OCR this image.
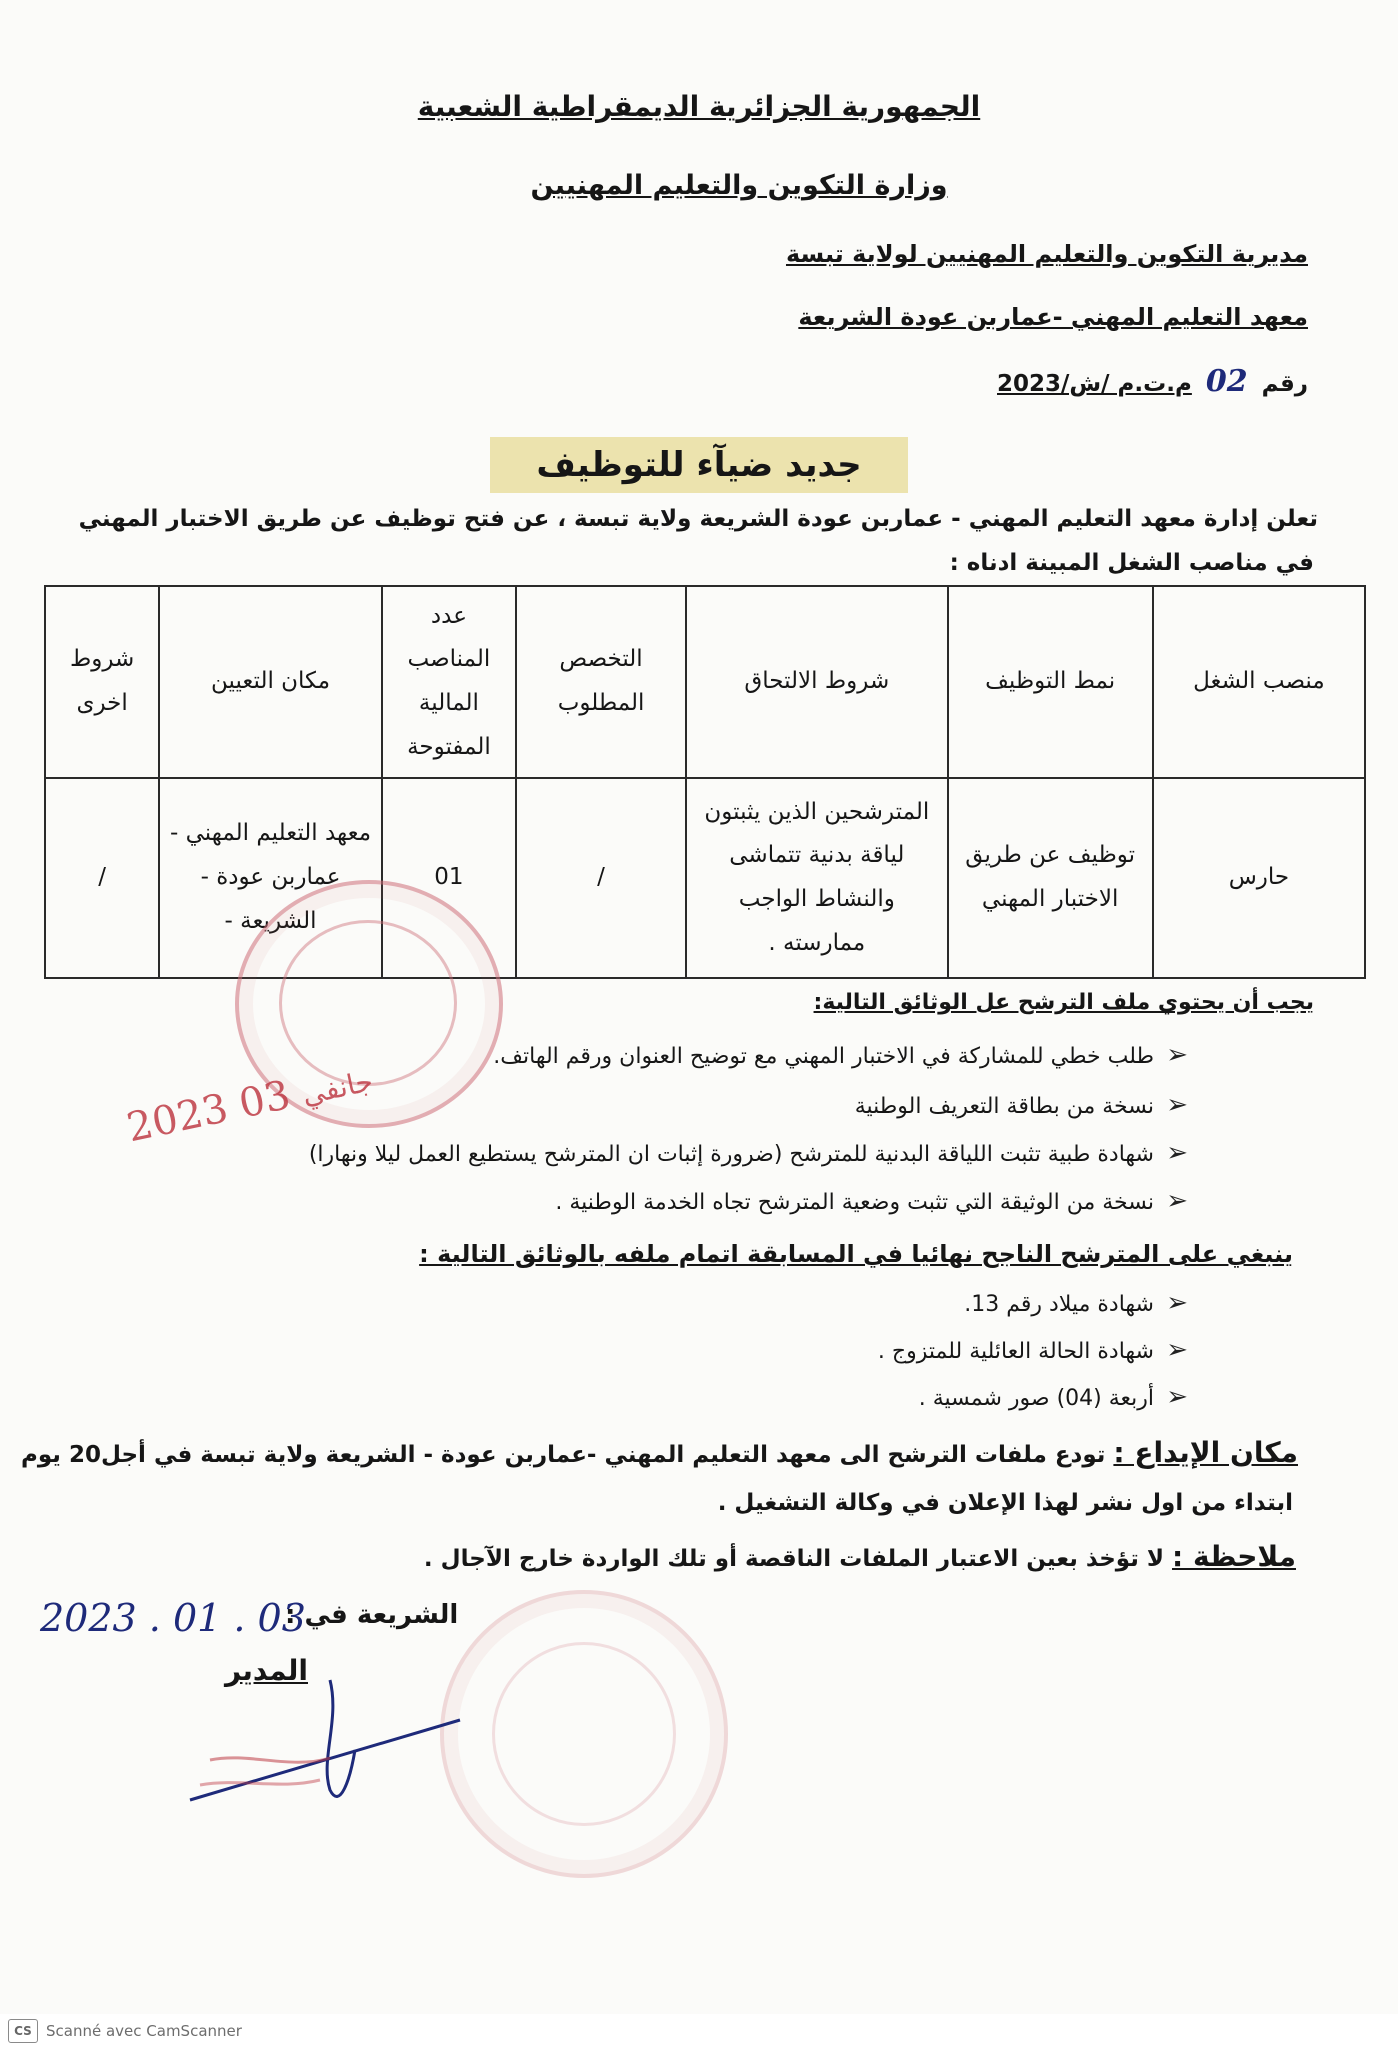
الجمهورية الجزائرية الديمقراطية الشعبية
وزارة التكوين والتعليم المهنيين
مديرية التكوين والتعليم المهنيين لولاية تبسة
معهد التعليم المهني -عماربن عودة الشريعة
رقم 02 م.ت.م /ش/2023
جديد ضيآء للتوظيف
تعلن إدارة معهد التعليم المهني - عماربن عودة الشريعة ولاية تبسة ، عن فتح توظيف عن طريق الاختبار المهني
في مناصب الشغل المبينة ادناه :
منصب الشغل	نمط التوظيف	شروط الالتحاق	التخصص المطلوب	عدد المناصب المالية المفتوحة	مكان التعيين	شروط اخرى
حارس	توظيف عن طريق الاختبار المهني	المترشحين الذين يثبتون لياقة بدنية تتماشى والنشاط الواجب ممارسته .	/	01	معهد التعليم المهني - عماربن عودة - الشريعة -	/
2023 جانفي 03
يجب أن يحتوي ملف الترشح عل الوثائق التالية:
➢طلب خطي للمشاركة في الاختبار المهني مع توضيح العنوان ورقم الهاتف.
➢نسخة من بطاقة التعريف الوطنية
➢شهادة طبية تثبت اللياقة البدنية للمترشح (ضرورة إثبات ان المترشح يستطيع العمل ليلا ونهارا)
➢نسخة من الوثيقة التي تثبت وضعية المترشح تجاه الخدمة الوطنية .
ينبغي على المترشح الناجح نهائيا في المسابقة اتمام ملفه بالوثائق التالية :
➢شهادة ميلاد رقم 13.
➢شهادة الحالة العائلية للمتزوج .
➢أربعة (04) صور شمسية .
مكان الإيداع : تودع ملفات الترشح الى معهد التعليم المهني -عماربن عودة - الشريعة ولاية تبسة في أجل20 يوم
ابتداء من اول نشر لهذا الإعلان في وكالة التشغيل .
ملاحظة : لا تؤخذ بعين الاعتبار الملفات الناقصة أو تلك الواردة خارج الآجال .
الشريعة في :
2023 . 01 . 03
المدير
CS Scanné avec CamScanner
